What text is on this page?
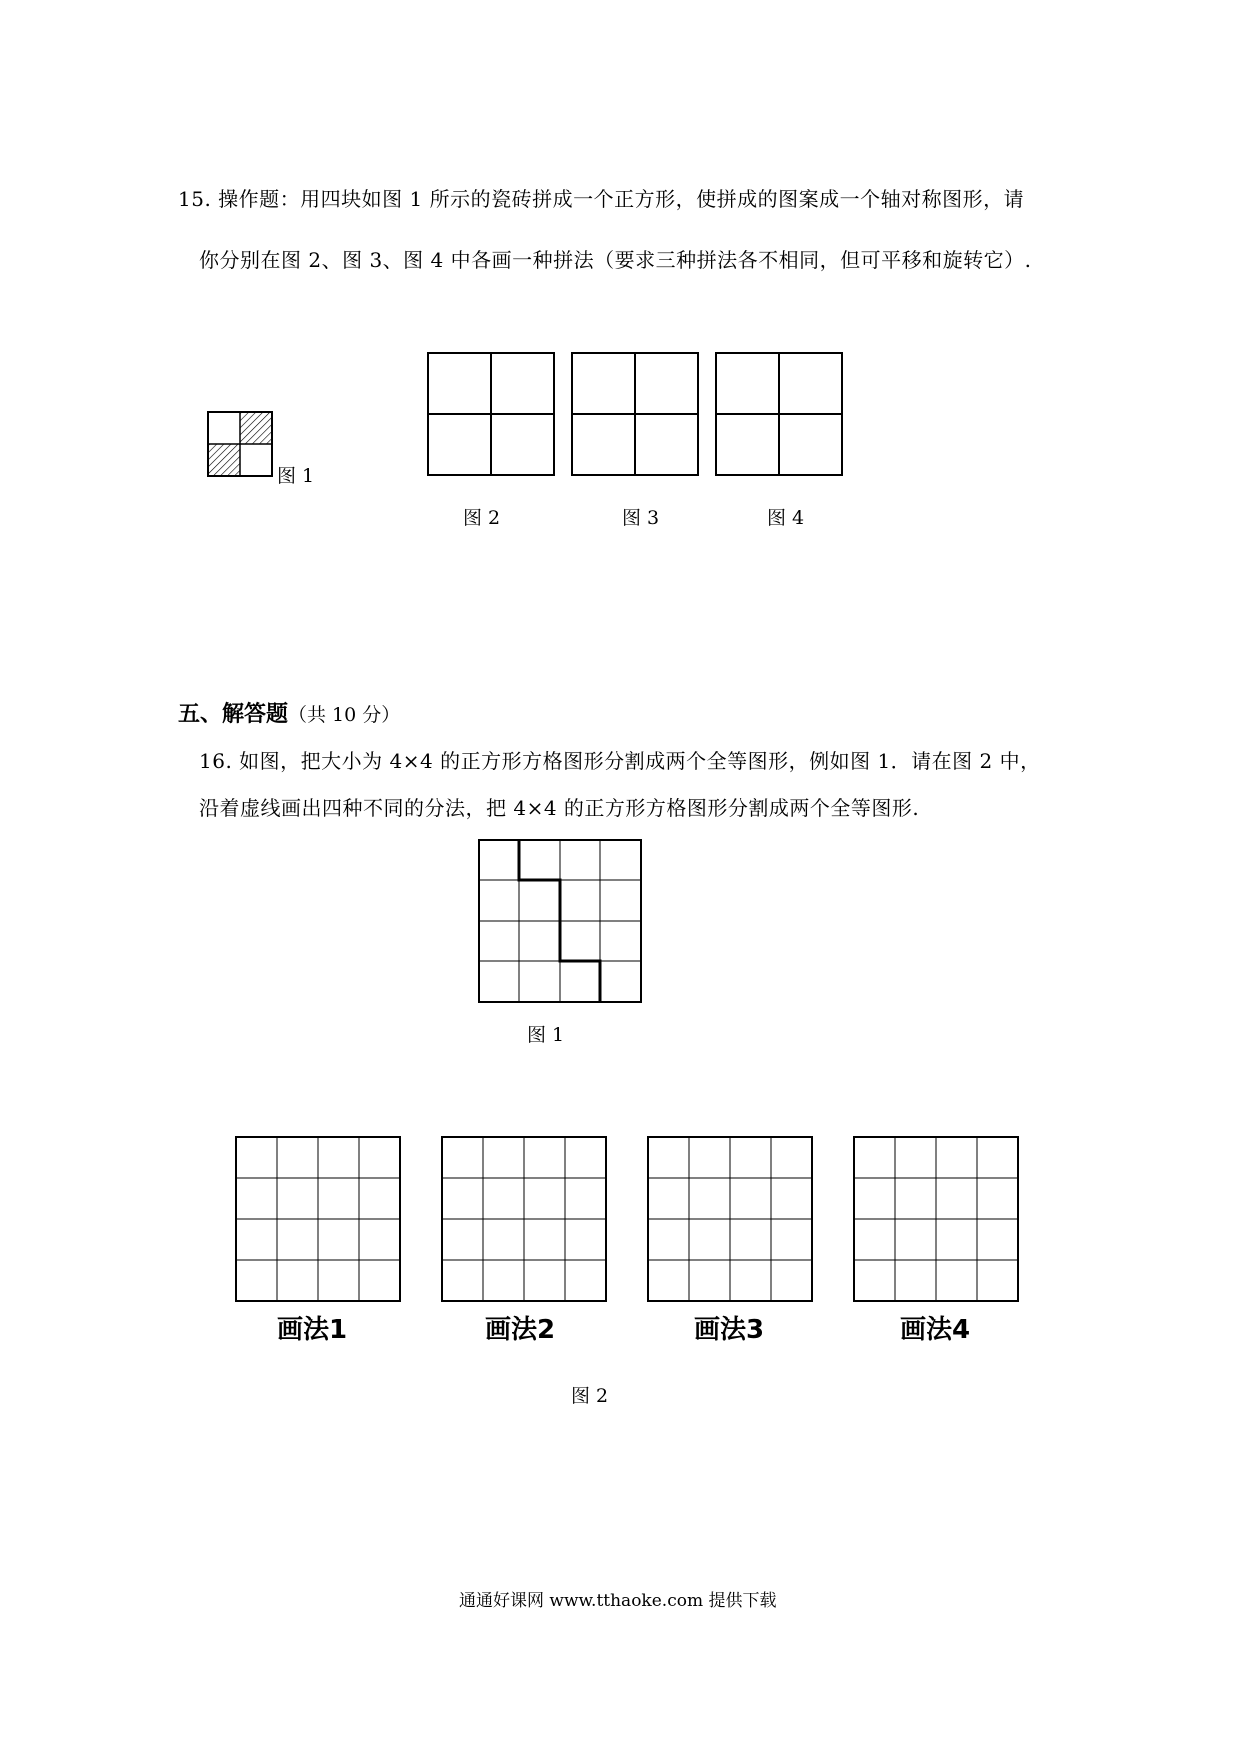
15. 操作题：用四块如图 1 所示的瓷砖拼成一个正方形，使拼成的图案成一个轴对称图形，请
你分别在图 2、图 3、图 4 中各画一种拼法（要求三种拼法各不相同，但可平移和旋转它）.
图 1
图 2	图 3	图 4
五、解答题（共 10 分）
16. 如图，把大小为 4×4 的正方形方格图形分割成两个全等图形，例如图 1．请在图 2 中，
沿着虚线画出四种不同的分法，把 4×4 的正方形方格图形分割成两个全等图形.
图 1
画法1	画法2	画法3	画法4
图 2
通通好课网 www.tthaoke.com 提供下载
